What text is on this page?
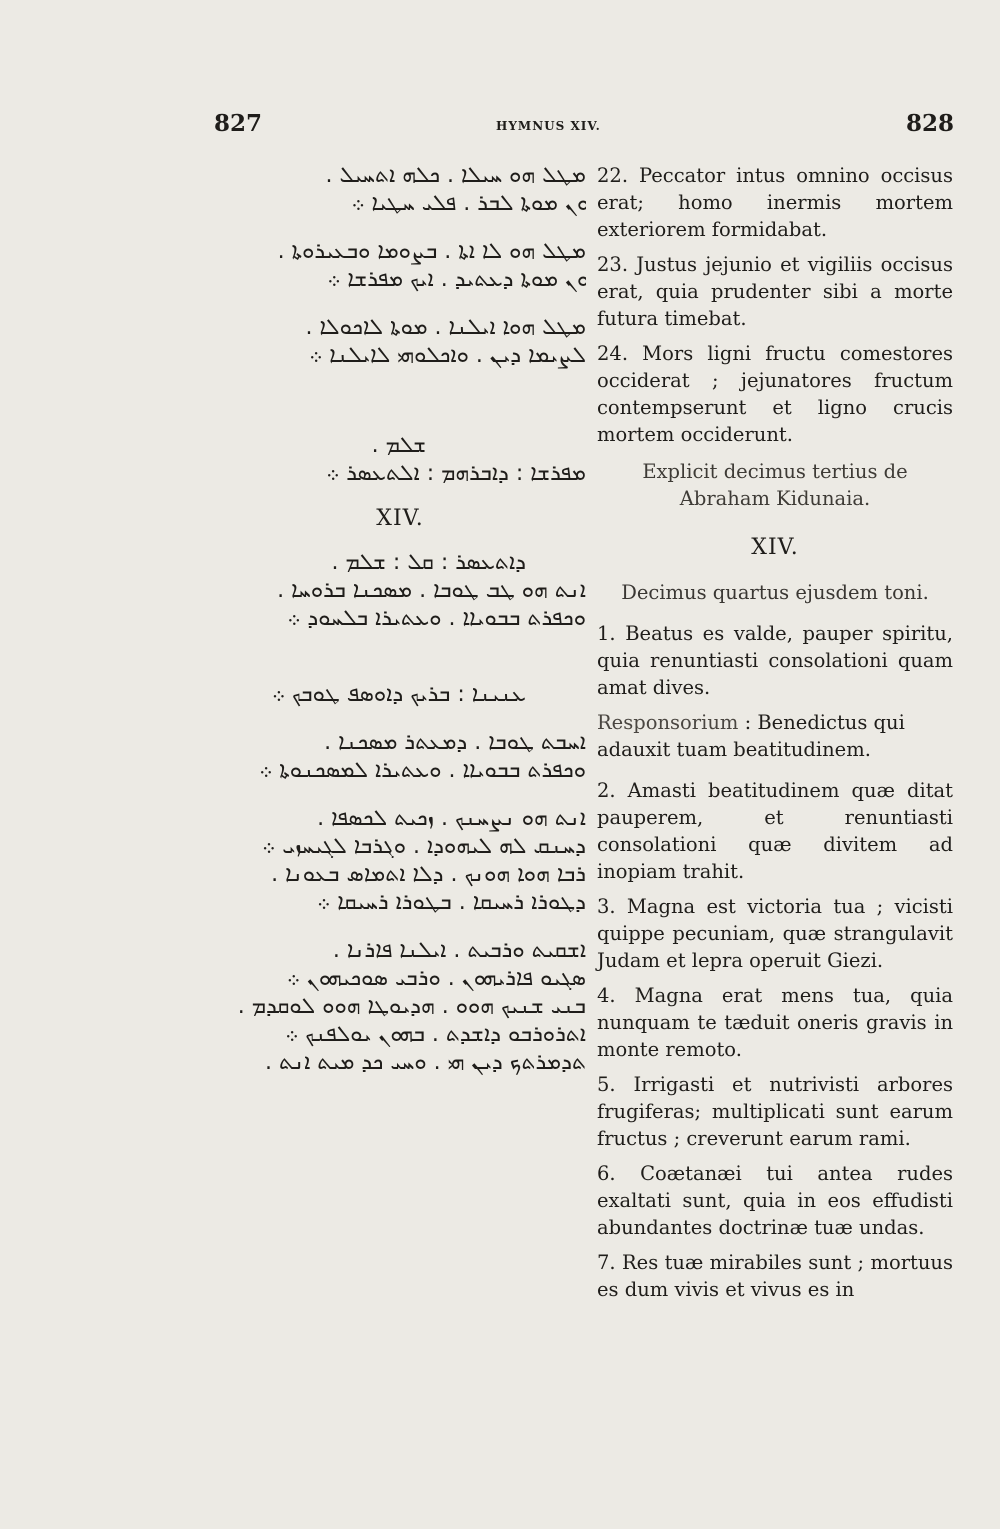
827	HYMNUS XIV.	828
ܡܛܠ ܗܘ ܚܝܠܐ . ܟܠܗ ܐܬܚܝܠ .
ܘܢ ܡܘܬܐ ܠܒܪ . ܦܠܝ ܚܛܝܐ ܀
ܡܛܠ ܗܘ ܠܐ ܐܬܐ . ܒܨܘܡܐ ܘܒܥܝܪܘܬܐ .
ܘܢ ܡܘܬܐ ܕܥܬܝܕ . ܐܝܟ ܡܦܪܫܐ ܀
ܡܛܠ ܗܘܐ ܐܝܠܢܐ . ܡܘܬܐ ܠܐܟܘܠܐ .
ܠܨܝܡܐ ܕܝܢ . ܘܐܟܠܘܗܝ ܠܐܝܠܢܐ ܀
ܫܠܡ .
ܡܦܪܫܐ : ܕܐܒܪܗܡ : ܐܠܬܥܣܪ ܀
XIV.
ܕܐܬܥܣܪ : ܩܠ : ܫܠܡ .
ܐܢܬ ܗܘ ܛܒ ܛܘܒܐ . ܡܣܟܢܐ ܒܪܘܚܐ .
ܘܟܦܪܬ ܒܒܘܝܐܐ . ܘܥܬܝܪܐ ܒܠܚܘܕ ܀
ܥܢܝܢܐ : ܒܪܝܟ ܕܐܘܣܦ ܛܘܒܟ ܀
ܐܚܒܬ ܛܘܒܐ . ܕܡܥܬܪ ܡܣܟܢܐ .
ܘܟܦܪܬ ܒܒܘܝܐܐ . ܘܥܬܝܪܐ ܠܡܣܟܢܘܬܐ ܀
ܐܢܬ ܗܘ ܢܨܚܢܟ . ܙܟܝܬ ܠܟܣܦܐ .
ܕܚܢܩ ܠܗ ܠܝܗܘܕܐ . ܘܓܪܒܐ ܠܓܝܚܙܝ ܀
ܪܒܐ ܗܘܐ ܗܘܢܟ . ܕܠܐ ܐܬܡܐܣ ܒܥܘܢܐ .
ܕܛܘܪܐ ܪܚܝܩܐ . ܒܛܘܪܐ ܪܚܝܩܐ ܀
ܐܫܩܝܬ ܘܪܒܝܬ . ܐܝܠܢܐ ܦܐܪܢܐ .
ܣܓܝܘ ܦܐܪܝܗܘܢ . ܘܪܒܝ ܣܘܟܝܗܘܢ ܀
ܒܢܝ ܫܢܝܟ ܗܘܘ . ܗܕܝܘܛܐ ܗܘܘ ܠܘܩܕܡ .
ܐܬܪܘܪܒܘ ܕܐܫܕܬ . ܒܗܘܢ ܝܘܠܦܢܟ ܀
ܬܕܡܪܬܟ ܕܝܢ ܗܝ . ܘܚܝ ܟܕ ܡܝܬ ܐܢܬ .

22. Peccator intus omnino occisus erat; homo inermis mortem exteriorem formidabat.

23. Justus jejunio et vigiliis occisus erat, quia prudenter sibi a morte futura timebat.

24. Mors ligni fructu comestores occiderat ; jejunatores fructum contempserunt et ligno crucis mortem occiderunt.

Explicit decimus tertius de Abraham Kidunaia.

XIV.

Decimus quartus ejusdem toni.

1. Beatus es valde, pauper spiritu, quia renuntiasti consolationi quam amat dives.

Responsorium : Benedictus qui adauxit tuam beatitudinem.

2. Amasti beatitudinem quæ ditat pauperem, et renuntiasti consolationi quæ divitem ad inopiam trahit.

3. Magna est victoria tua ; vicisti quippe pecuniam, quæ strangulavit Judam et lepra operuit Giezi.

4. Magna erat mens tua, quia nunquam te tæduit oneris gravis in monte remoto.

5. Irrigasti et nutrivisti arbores frugiferas; multiplicati sunt earum fructus ; creverunt earum rami.

6. Coætanæi tui antea rudes exaltati sunt, quia in eos effudisti abundantes doctrinæ tuæ undas.

7. Res tuæ mirabiles sunt ; mortuus es dum vivis et vivus es in
